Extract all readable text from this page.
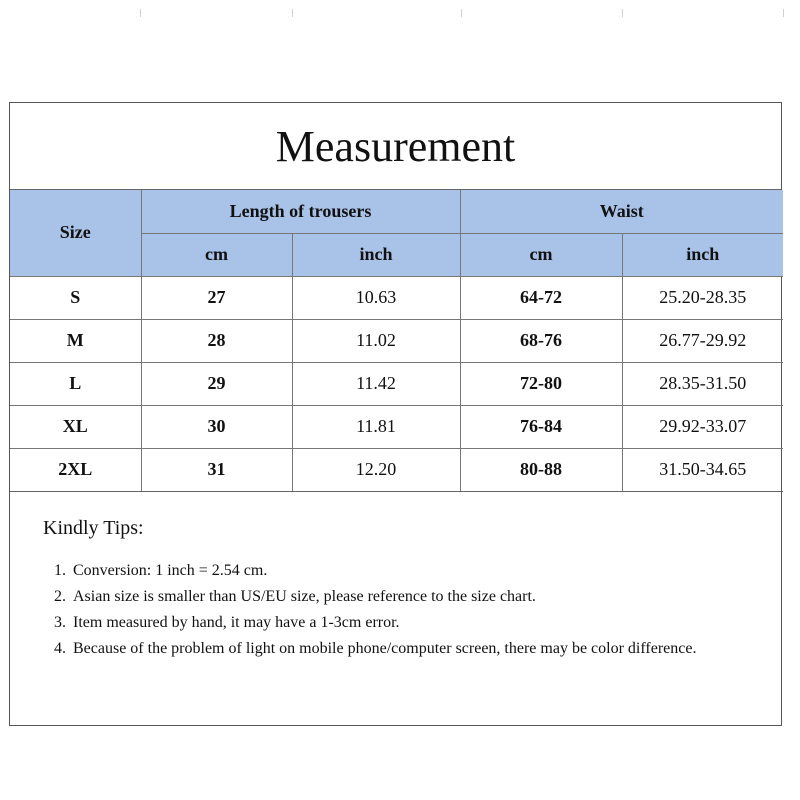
Measurement
Size	Length of trousers		Waist	
	cm	inch	cm	inch
S	27	10.63	64-72	25.20-28.35
M	28	11.02	68-76	26.77-29.92
L	29	11.42	72-80	28.35-31.50
XL	30	11.81	76-84	29.92-33.07
2XL	31	12.20	80-88	31.50-34.65
Kindly Tips:
1. Conversion: 1 inch = 2.54 cm.
2. Asian size is smaller than US/EU size, please reference to the size chart.
3. Item measured by hand, it may have a 1-3cm error.
4. Because of the problem of light on mobile phone/computer screen, there may be color difference.
